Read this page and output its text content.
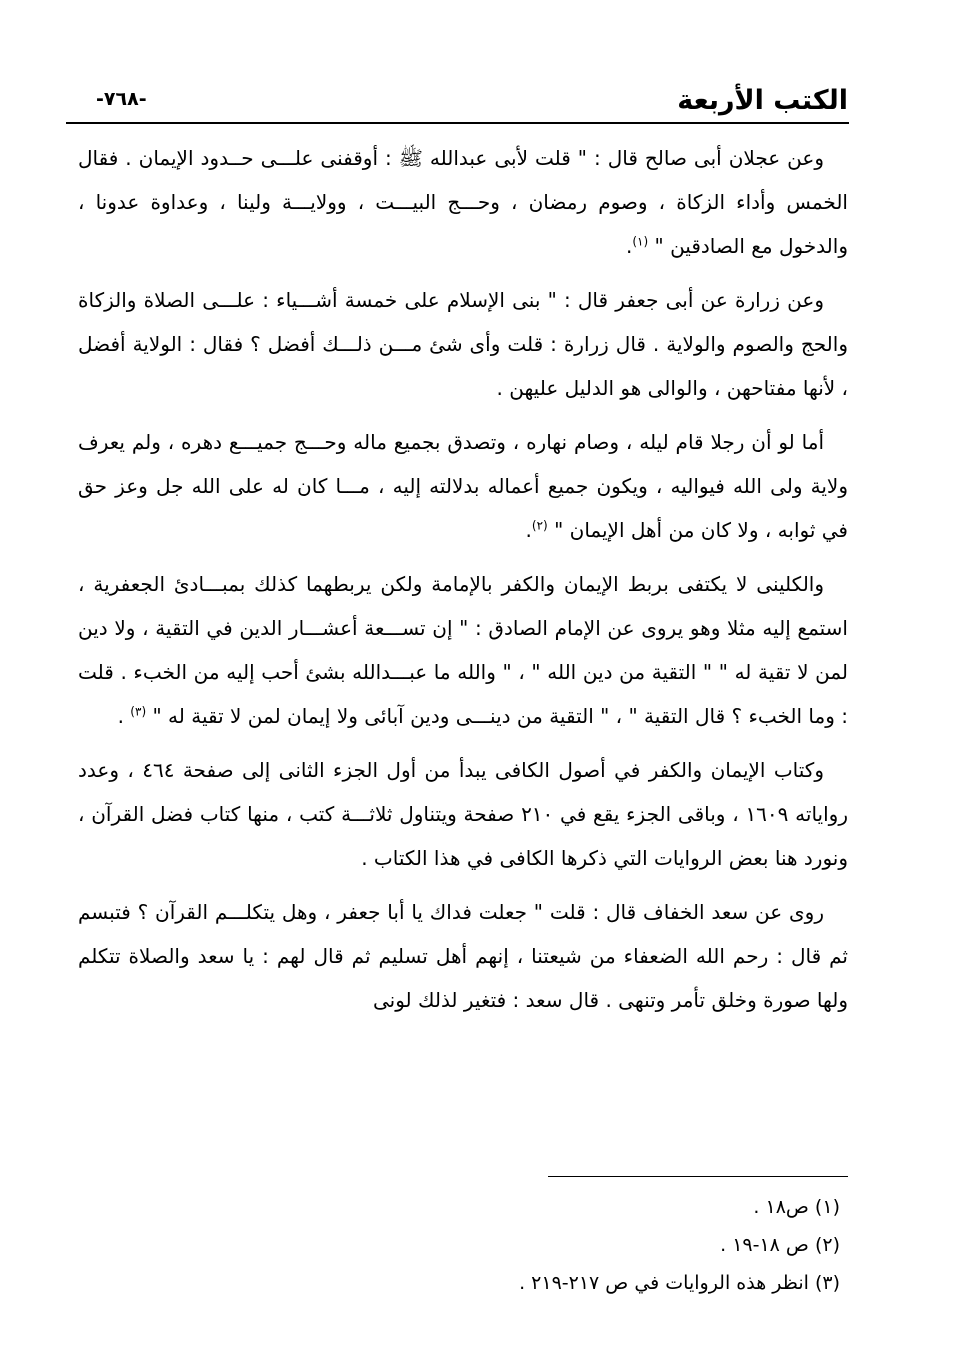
الكتب الأربعة
-٧٦٨-

وعن عجلان أبى صالح قال : " قلت لأبى عبدالله ﷺ : أوقفنى علـــى حــدود الإيمان . فقال الخمس وأداء الزكاة ، وصوم رمضان ، وحـــج البيـــت ، وولايـــة ولينا ، وعداوة عدونا ، والدخول مع الصادقين " $^{(١)}$.

وعن زرارة عن أبى جعفر قال : " بنى الإسلام على خمسة أشـــياء : علـــى الصلاة والزكاة والحج والصوم والولاية . قال زرارة : قلت وأى شئ مـــن ذلـــك أفضل ؟ فقال : الولاية أفضل ، لأنها مفتاحهن ، والوالى هو الدليل عليهن .

أما لو أن رجلا قام ليله ، وصام نهاره ، وتصدق بجميع ماله وحـــج جميـــع دهره ، ولم يعرف ولاية ولى الله فيواليه ، ويكون جميع أعماله بدلالته إليه ، مـــا كان له على الله جل وعز حق في ثوابه ، ولا كان من أهل الإيمان " $^{(٢)}$.

والكلينى لا يكتفى بربط الإيمان والكفر بالإمامة ولكن يربطهما كذلك بمبـــادئ الجعفرية ، استمع إليه مثلا وهو يروى عن الإمام الصادق : " إن تســـعة أعشـــار الدين في التقية ، ولا دين لمن لا تقية له " " التقية من دين الله " ، " والله ما عبـــدالله بشئ أحب إليه من الخبء . قلت : وما الخبء ؟ قال التقية " ، " التقية من دينـــى ودين آبائى ولا إيمان لمن لا تقية له " $^{(٣)}$ .

وكتاب الإيمان والكفر في أصول الكافى يبدأ من أول الجزء الثانى إلى صفحة ٤٦٤ ، وعدد رواياته ١٦٠٩ ، وباقى الجزء يقع في ٢١٠ صفحة ويتناول ثلاثـــة كتب ، منها كتاب فضل القرآن ، ونورد هنا بعض الروايات التي ذكرها الكافى في هذا الكتاب .

روى عن سعد الخفاف قال : قلت " جعلت فداك يا أبا جعفر ، وهل يتكلـــم القرآن ؟ فتبسم ثم قال : رحم الله الضعفاء من شيعتنا ، إنهم أهل تسليم ثم قال لهم : يا سعد والصلاة تتكلم ولها صورة وخلق تأمر وتنهى . قال سعد : فتغير لذلك لونى

(١) ص١٨ .
(٢) ص ١٨-١٩ .
(٣) انظر هذه الروايات في ص ٢١٧-٢١٩ .
